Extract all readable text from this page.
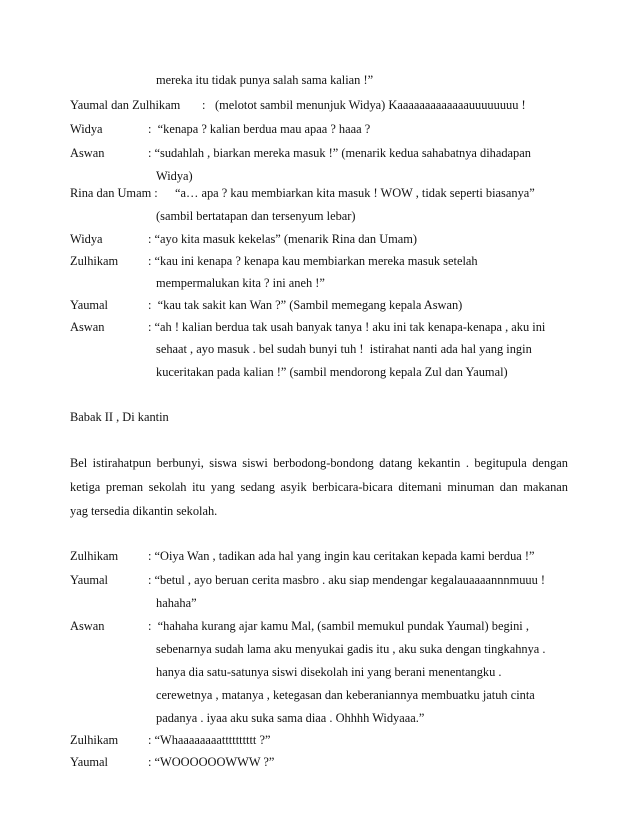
mereka itu tidak punya salah sama kalian !”
Yaumal dan Zulhikam : (melotot sambil menunjuk Widya) Kaaaaaaaaaaaaauuuuuuuu !
Widya	:  “kenapa ? kalian berdua mau apaa ? haaa ?
Aswan	: “sudahlah , biarkan mereka masuk !” (menarik kedua sahabatnya dihadapan
Widya)
Rina dan Umam : “a… apa ? kau membiarkan kita masuk ! WOW , tidak seperti biasanya”
(sambil bertatapan dan tersenyum lebar)
Widya	: “ayo kita masuk kekelas” (menarik Rina dan Umam)
Zulhikam : “kau ini kenapa ? kenapa kau membiarkan mereka masuk setelah
mempermalukan kita ? ini aneh !”
Yaumal	:  “kau tak sakit kan Wan ?” (Sambil memegang kepala Aswan)
Aswan	: “ah ! kalian berdua tak usah banyak tanya ! aku ini tak kenapa-kenapa , aku ini
sehaat , ayo masuk . bel sudah bunyi tuh !  istirahat nanti ada hal yang ingin
kuceritakan pada kalian !” (sambil mendorong kepala Zul dan Yaumal)
Babak II , Di kantin
Bel istirahatpun berbunyi, siswa siswi berbodong-bondong datang kekantin . begitupula dengan
ketiga preman sekolah itu yang sedang asyik berbicara-bicara ditemani minuman dan makanan
yag tersedia dikantin sekolah.
Zulhikam : “Oiya Wan , tadikan ada hal yang ingin kau ceritakan kepada kami berdua !”
Yaumal	: “betul , ayo beruan cerita masbro . aku siap mendengar kegalauaaaannnmuuu !
hahaha”
Aswan	:  “hahaha kurang ajar kamu Mal, (sambil memukul pundak Yaumal) begini ,
sebenarnya sudah lama aku menyukai gadis itu , aku suka dengan tingkahnya .
hanya dia satu-satunya siswi disekolah ini yang berani menentangku .
cerewetnya , matanya , ketegasan dan keberaniannya membuatku jatuh cinta
padanya . iyaa aku suka sama diaa . Ohhhh Widyaaa.”
Zulhikam : “Whaaaaaaaatttttttttt ?”
Yaumal	: “WOOOOOOWWW ?”
